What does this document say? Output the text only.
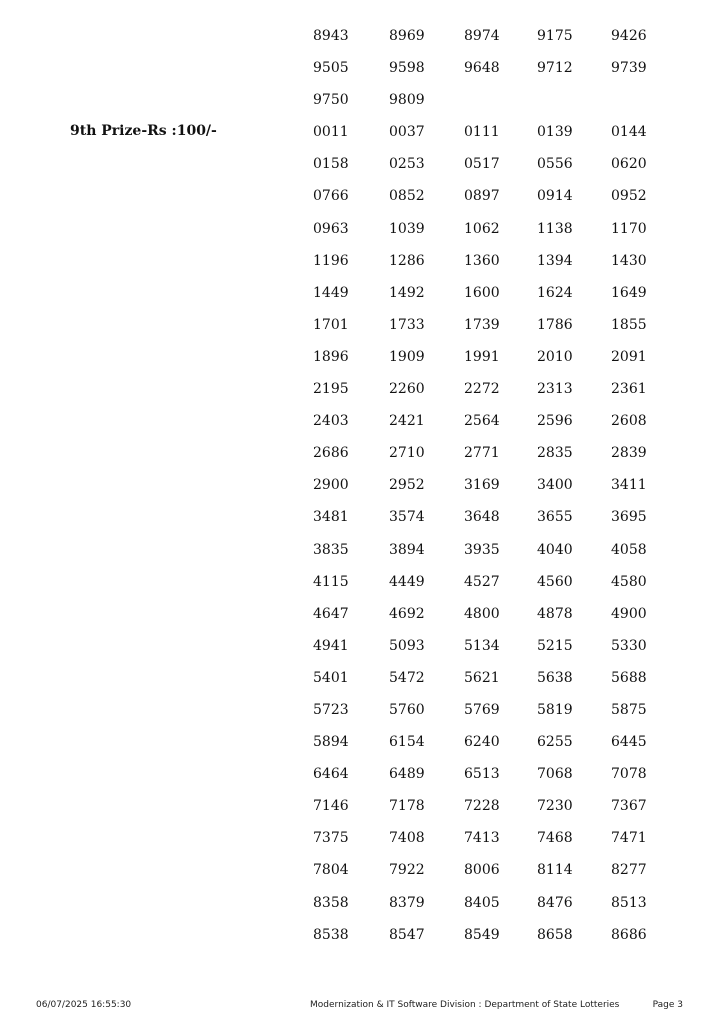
8943	8969	8974	9175	9426
9505	9598	9648	9712	9739
9750	9809
9th Prize-Rs :100/-	0011	0037	0111	0139	0144
0158	0253	0517	0556	0620
0766	0852	0897	0914	0952
0963	1039	1062	1138	1170
1196	1286	1360	1394	1430
1449	1492	1600	1624	1649
1701	1733	1739	1786	1855
1896	1909	1991	2010	2091
2195	2260	2272	2313	2361
2403	2421	2564	2596	2608
2686	2710	2771	2835	2839
2900	2952	3169	3400	3411
3481	3574	3648	3655	3695
3835	3894	3935	4040	4058
4115	4449	4527	4560	4580
4647	4692	4800	4878	4900
4941	5093	5134	5215	5330
5401	5472	5621	5638	5688
5723	5760	5769	5819	5875
5894	6154	6240	6255	6445
6464	6489	6513	7068	7078
7146	7178	7228	7230	7367
7375	7408	7413	7468	7471
7804	7922	8006	8114	8277
8358	8379	8405	8476	8513
8538	8547	8549	8658	8686
06/07/2025 16:55:30	Modernization & IT Software Division : Department of State Lotteries	Page 3
